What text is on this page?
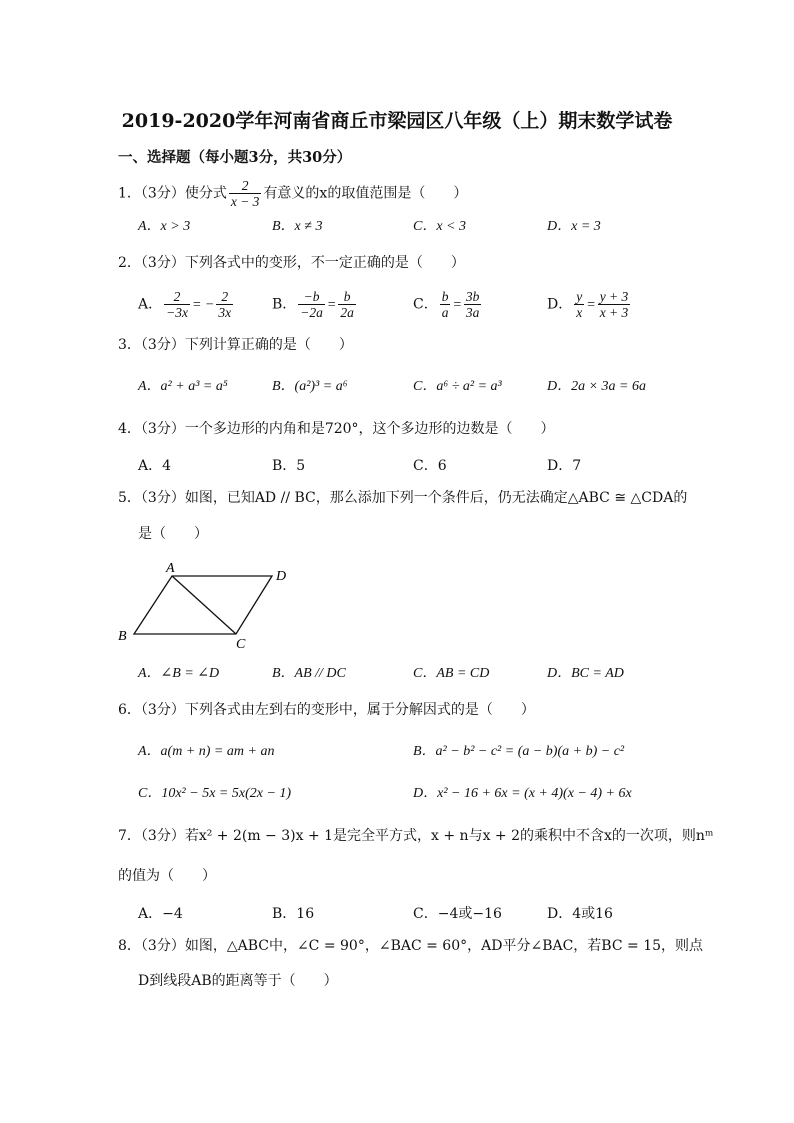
2019-2020学年河南省商丘市梁园区八年级（上）期末数学试卷
一、选择题（每小题3分，共30分）
1．（3分）使分式 $\frac{2}{x - 3}$ 有意义的x的取值范围是（　　）
A．x > 3	B．x ≠ 3	C．x < 3	D．x = 3
2．（3分）下列各式中的变形，不一定正确的是（　　）
A． $\frac{2}{-3x}$ = − $\frac{2}{3x}$	B． $\frac{-b}{-2a} = \frac{b}{2a}$	C． $\frac{b}{a} = \frac{3b}{3a}$	D． $\frac{y}{x} = \frac{y + 3}{x + 3}$
3．（3分）下列计算正确的是（　　）
A．a² + a³ = a⁵	B．(a²)³ = a⁶	C．a⁶ ÷ a² = a³	D．2a × 3a = 6a
4．（3分）一个多边形的内角和是720°，这个多边形的边数是（　　）
A．4	B．5	C．6	D．7
5．（3分）如图，已知AD // BC，那么添加下列一个条件后，仍无法确定△ABC ≅ △CDA的
是（　　）
A
D
B
C
A．∠B = ∠D	B．AB // DC	C．AB = CD	D．BC = AD
6．（3分）下列各式由左到右的变形中，属于分解因式的是（　　）
A．a(m + n) = am + an	B．a² − b² − c² = (a − b)(a + b) − c²
C．10x² − 5x = 5x(2x − 1)	D．x² − 16 + 6x = (x + 4)(x − 4) + 6x
7．（3分）若x² + 2(m − 3)x + 1是完全平方式，x + n与x + 2的乘积中不含x的一次项，则nᵐ
的值为（　　）
A．−4	B．16	C．−4或−16	D．4或16
8．（3分）如图，△ABC中，∠C = 90°，∠BAC = 60°，AD平分∠BAC，若BC = 15，则点
D到线段AB的距离等于（　　）
